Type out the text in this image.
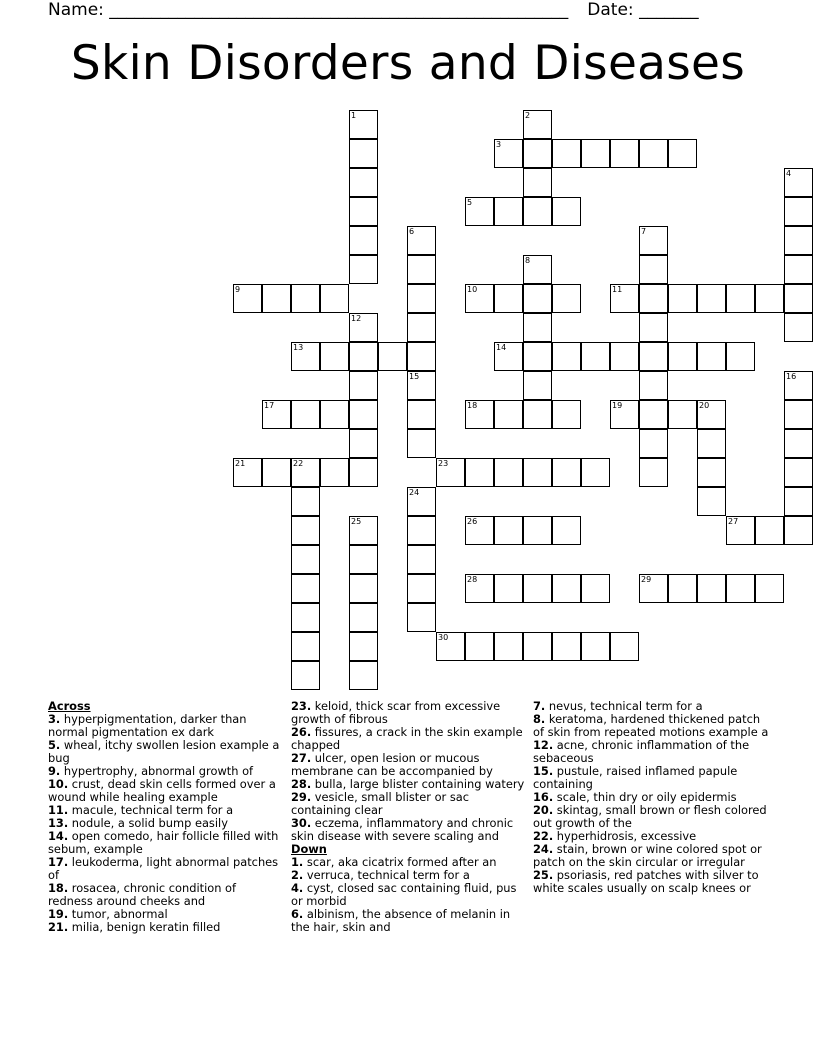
Name: ______________________________________________________ Date: _______
Skin Disorders and Diseases
1	2
3
4
5
6	7
8
9	10	11
12
13	14
15	16
17	18	19	20
21	22	23
24
25	26	27
28	29
30
Across
3. hyperpigmentation, darker than normal pigmentation ex dark
5. wheal, itchy swollen lesion example a bug
9. hypertrophy, abnormal growth of
10. crust, dead skin cells formed over a wound while healing example
11. macule, technical term for a
13. nodule, a solid bump easily
14. open comedo, hair follicle filled with sebum, example
17. leukoderma, light abnormal patches of
18. rosacea, chronic condition of redness around cheeks and
19. tumor, abnormal
21. milia, benign keratin filled
23. keloid, thick scar from excessive growth of fibrous
26. fissures, a crack in the skin example chapped
27. ulcer, open lesion or mucous membrane can be accompanied by
28. bulla, large blister containing watery
29. vesicle, small blister or sac containing clear
30. eczema, inflammatory and chronic skin disease with severe scaling and
Down
1. scar, aka cicatrix formed after an
2. verruca, technical term for a
4. cyst, closed sac containing fluid, pus or morbid
6. albinism, the absence of melanin in the hair, skin and
7. nevus, technical term for a
8. keratoma, hardened thickened patch of skin from repeated motions example a
12. acne, chronic inflammation of the sebaceous
15. pustule, raised inflamed papule containing
16. scale, thin dry or oily epidermis
20. skintag, small brown or flesh colored out growth of the
22. hyperhidrosis, excessive
24. stain, brown or wine colored spot or patch on the skin circular or irregular
25. psoriasis, red patches with silver to white scales usually on scalp knees or
